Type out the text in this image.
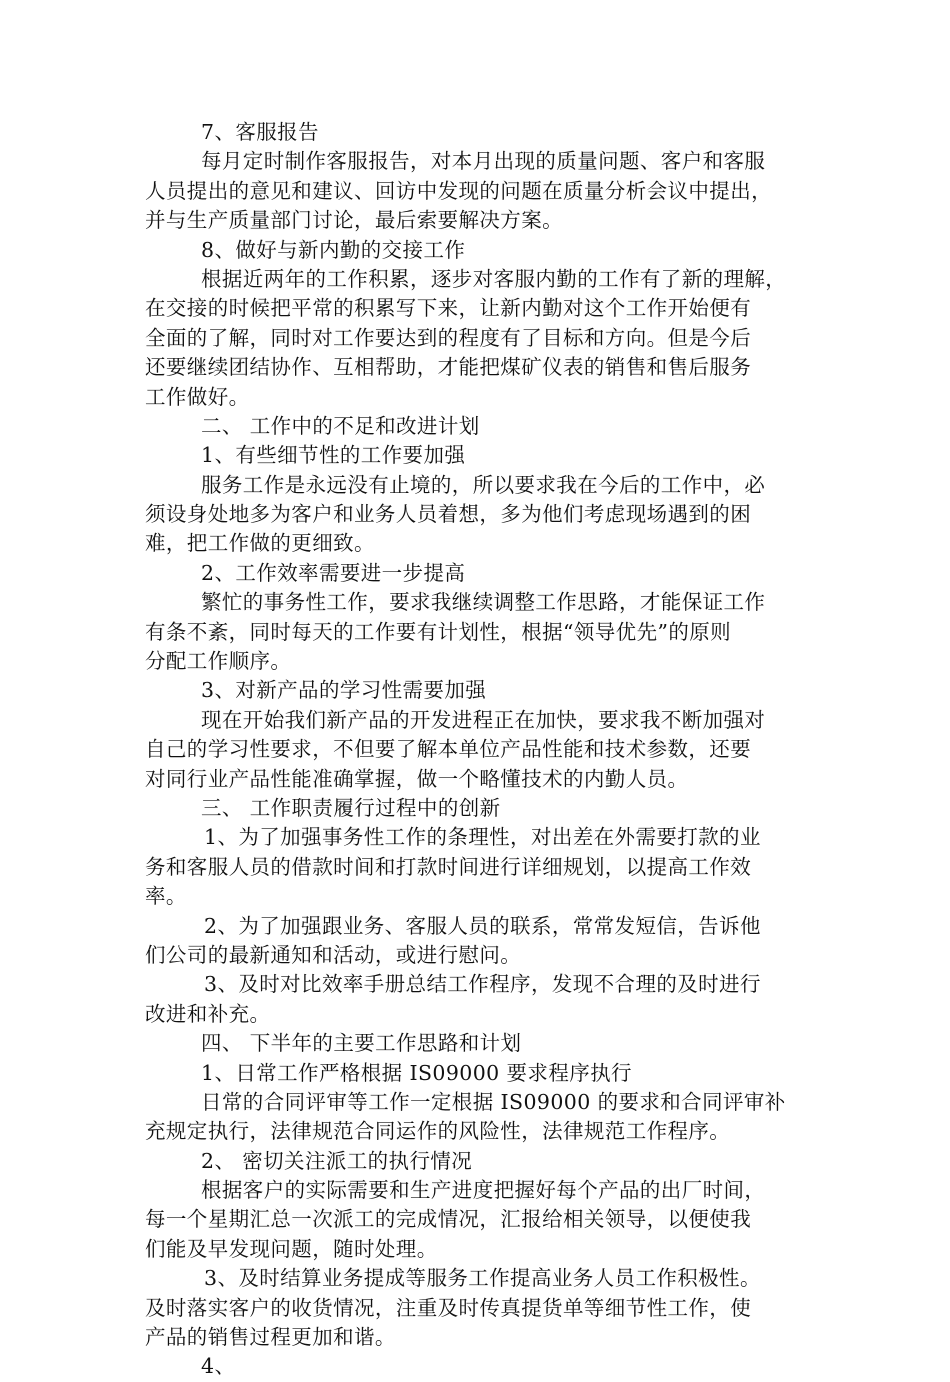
7、客服报告
每月定时制作客服报告，对本月出现的质量问题、客户和客服
人员提出的意见和建议、回访中发现的问题在质量分析会议中提出，
并与生产质量部门讨论，最后索要解决方案。
8、做好与新内勤的交接工作
根据近两年的工作积累，逐步对客服内勤的工作有了新的理解，
在交接的时候把平常的积累写下来，让新内勤对这个工作开始便有
全面的了解，同时对工作要达到的程度有了目标和方向。但是今后
还要继续团结协作、互相帮助，才能把煤矿仪表的销售和售后服务
工作做好。
二、 工作中的不足和改进计划
1、有些细节性的工作要加强
服务工作是永远没有止境的，所以要求我在今后的工作中，必
须设身处地多为客户和业务人员着想，多为他们考虑现场遇到的困
难，把工作做的更细致。
2、工作效率需要进一步提高
繁忙的事务性工作，要求我继续调整工作思路，才能保证工作
有条不紊，同时每天的工作要有计划性，根据“领导优先”的原则
分配工作顺序。
3、对新产品的学习性需要加强
现在开始我们新产品的开发进程正在加快，要求我不断加强对
自己的学习性要求，不但要了解本单位产品性能和技术参数，还要
对同行业产品性能准确掌握，做一个略懂技术的内勤人员。
三、 工作职责履行过程中的创新
1、为了加强事务性工作的条理性，对出差在外需要打款的业
务和客服人员的借款时间和打款时间进行详细规划，以提高工作效
率。
2、为了加强跟业务、客服人员的联系，常常发短信，告诉他
们公司的最新通知和活动，或进行慰问。
3、及时对比效率手册总结工作程序，发现不合理的及时进行
改进和补充。
四、 下半年的主要工作思路和计划
1、日常工作严格根据 IS09000 要求程序执行
日常的合同评审等工作一定根据 IS09000 的要求和合同评审补
充规定执行，法律规范合同运作的风险性，法律规范工作程序。
2、 密切关注派工的执行情况
根据客户的实际需要和生产进度把握好每个产品的出厂时间，
每一个星期汇总一次派工的完成情况，汇报给相关领导，以便使我
们能及早发现问题，随时处理。
3、及时结算业务提成等服务工作提高业务人员工作积极性。
及时落实客户的收货情况，注重及时传真提货单等细节性工作，使
产品的销售过程更加和谐。
4、
